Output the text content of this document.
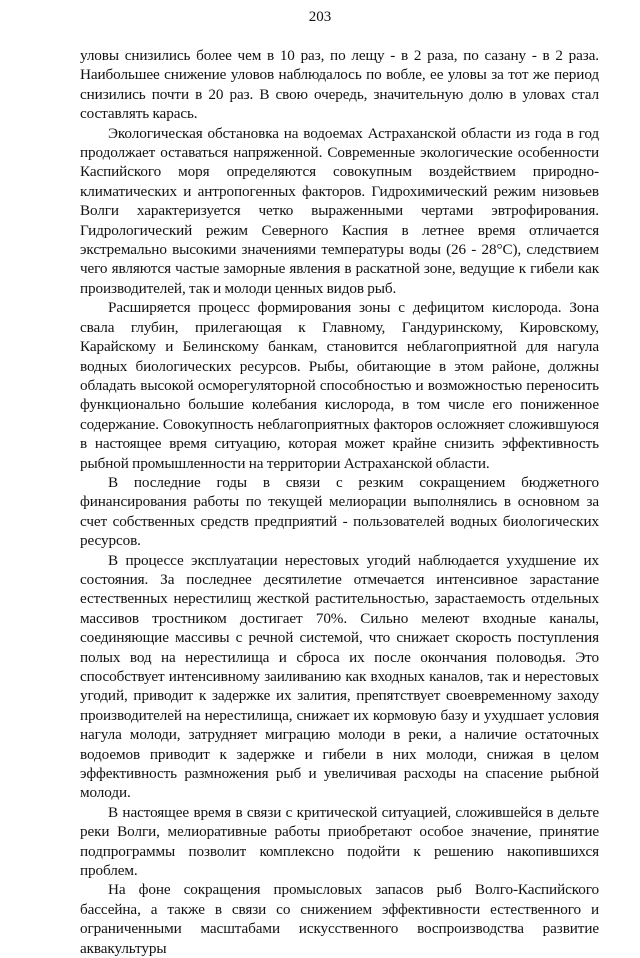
203

уловы снизились более чем в 10 раз, по лещу - в 2 раза, по сазану - в 2 раза. Наибольшее снижение уловов наблюдалось по вобле, ее уловы за тот же период снизились почти в 20 раз. В свою очередь, значительную долю в уловах стал составлять карась.

Экологическая обстановка на водоемах Астраханской области из года в год продолжает оставаться напряженной. Современные экологические особенности Каспийского моря определяются совокупным воздействием природно-климатических и антропогенных факторов. Гидрохимический режим низовьев Волги характеризуется четко выраженными чертами эвтрофирования. Гидрологический режим Северного Каспия в летнее время отличается экстремально высокими значениями температуры воды (26 - 28°С), следствием чего являются частые заморные явления в раскатной зоне, ведущие к гибели как производителей, так и молоди ценных видов рыб.

Расширяется процесс формирования зоны с дефицитом кислорода. Зона свала глубин, прилегающая к Главному, Гандуринскому, Кировскому, Карайскому и Белинскому банкам, становится неблагоприятной для нагула водных биологических ресурсов. Рыбы, обитающие в этом районе, должны обладать высокой осморегуляторной способностью и возможностью переносить функционально большие колебания кислорода, в том числе его пониженное содержание. Совокупность неблагоприятных факторов осложняет сложившуюся в настоящее время ситуацию, которая может крайне снизить эффективность рыбной промышленности на территории Астраханской области.

В последние годы в связи с резким сокращением бюджетного финансирования работы по текущей мелиорации выполнялись в основном за счет собственных средств предприятий - пользователей водных биологических ресурсов.

В процессе эксплуатации нерестовых угодий наблюдается ухудшение их состояния. За последнее десятилетие отмечается интенсивное зарастание естественных нерестилищ жесткой растительностью, зарастаемость отдельных массивов тростником достигает 70%. Сильно мелеют входные каналы, соединяющие массивы с речной системой, что снижает скорость поступления полых вод на нерестилища и сброса их после окончания половодья. Это способствует интенсивному заиливанию как входных каналов, так и нерестовых угодий, приводит к задержке их залития, препятствует своевременному заходу производителей на нерестилища, снижает их кормовую базу и ухудшает условия нагула молоди, затрудняет миграцию молоди в реки, а наличие остаточных водоемов приводит к задержке и гибели в них молоди, снижая в целом эффективность размножения рыб и увеличивая расходы на спасение рыбной молоди.

В настоящее время в связи с критической ситуацией, сложившейся в дельте реки Волги, мелиоративные работы приобретают особое значение, принятие подпрограммы позволит комплексно подойти к решению накопившихся проблем.

На фоне сокращения промысловых запасов рыб Волго-Каспийского бассейна, а также в связи со снижением эффективности естественного и ограниченными масштабами искусственного воспроизводства развитие аквакультуры
